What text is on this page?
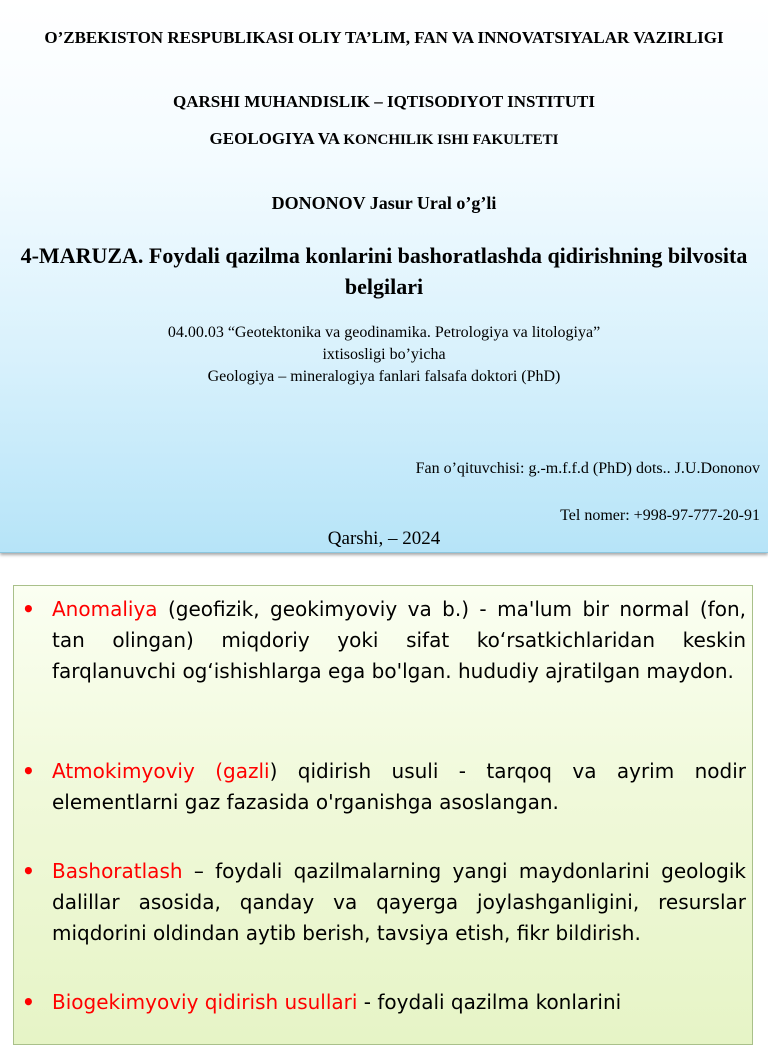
O’ZBEKISTON RESPUBLIKASI OLIY TA’LIM, FAN VA INNOVATSIYALAR VAZIRLIGI
QARSHI MUHANDISLIK – IQTISODIYOT INSTITUTI
GEOLOGIYA VA KONCHILIK ISHI FAKULTETI
DONONOV Jasur Ural o’g’li
4-MARUZA. Foydali qazilma konlarini bashoratlashda qidirishning bilvosita belgilari
04.00.03 “Geotektonika va geodinamika. Petrologiya va litologiya”
ixtisosligi bo’yicha
Geologiya – mineralogiya fanlari falsafa doktori (PhD)
Fan o’qituvchisi: g.-m.f.f.d (PhD) dots.. J.U.Dononov
Tel nomer: +998-97-777-20-91
Qarshi, – 2024
• Anomaliya (geofizik, geokimyoviy va b.) - ma'lum bir normal (fon, tan olingan) miqdoriy yoki sifat ko‘rsatkichlaridan keskin farqlanuvchi og‘ishishlarga ega bo'lgan. hududiy ajratilgan maydon.
• Atmokimyoviy (gazli) qidirish usuli - tarqoq va ayrim nodir elementlarni gaz fazasida o'rganishga asoslangan.
• Bashoratlash – foydali qazilmalarning yangi maydonlarini geologik dalillar asosida, qanday va qayerga joylashganligini, resurslar miqdorini oldindan aytib berish, tavsiya etish, fikr bildirish.
• Biogekimyoviy qidirish usullari - foydali qazilma konlarini
